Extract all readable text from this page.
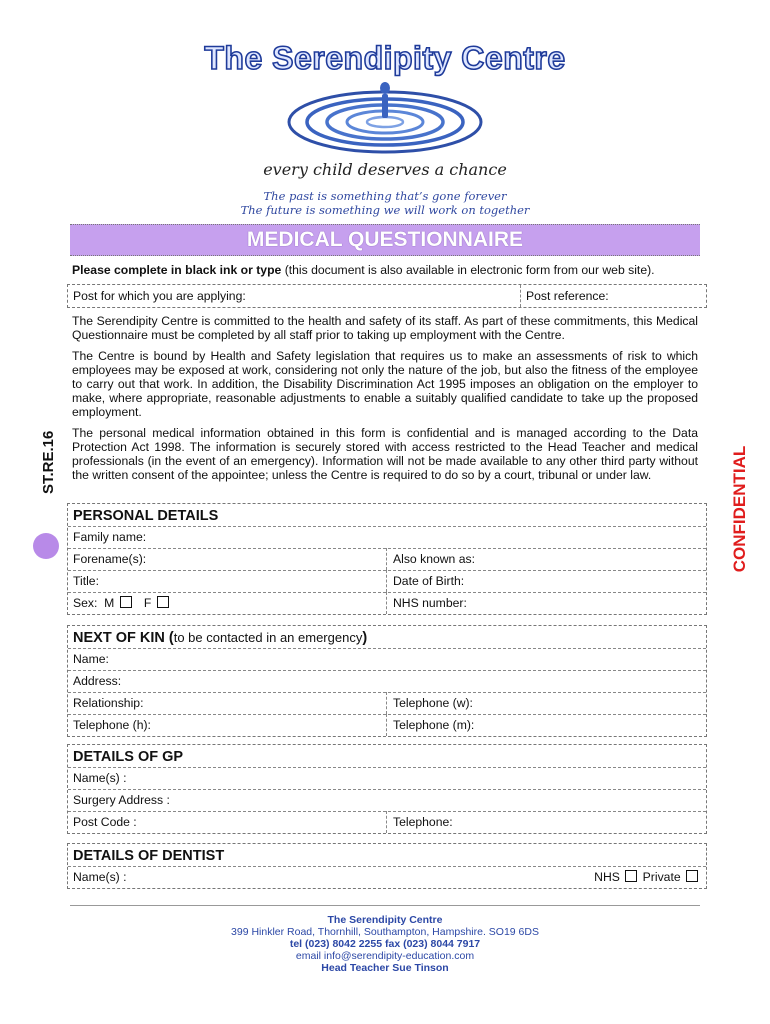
The Serendipity Centre
every child deserves a chance
The past is something that’s gone forever
The future is something we will work on together
MEDICAL QUESTIONNAIRE
Please complete in black ink or type (this document is also available in electronic form from our web site).
Post for which you are applying:	Post reference:
The Serendipity Centre is committed to the health and safety of its staff. As part of these commitments, this Medical Questionnaire must be completed by all staff prior to taking up employment with the Centre.
The Centre is bound by Health and Safety legislation that requires us to make an assessments of risk to which employees may be exposed at work, considering not only the nature of the job, but also the fitness of the employee to carry out that work. In addition, the Disability Discrimination Act 1995 imposes an obligation on the employer to make, where appropriate, reasonable adjustments to enable a suitably qualified candidate to take up the proposed employment.
The personal medical information obtained in this form is confidential and is managed according to the Data Protection Act 1998. The information is securely stored with access restricted to the Head Teacher and medical professionals (in the event of an emergency). Information will not be made available to any other third party without the written consent of the appointee; unless the Centre is required to do so by a court, tribunal or under law.
ST.RE.16	CONFIDENTIAL
PERSONAL DETAILS
Family name:
Forename(s):	Also known as:
Title:	Date of Birth:
Sex: M F	NHS number:
NEXT OF KIN (to be contacted in an emergency)
Name:
Address:
Relationship:	Telephone (w):
Telephone (h):	Telephone (m):
DETAILS OF GP
Name(s) :
Surgery Address :
Post Code :	Telephone:
DETAILS OF DENTIST
Name(s) :	NHS Private
The Serendipity Centre
399 Hinkler Road, Thornhill, Southampton, Hampshire. SO19 6DS
tel (023) 8042 2255 fax (023) 8044 7917
email info@serendipity-education.com
Head Teacher Sue Tinson
